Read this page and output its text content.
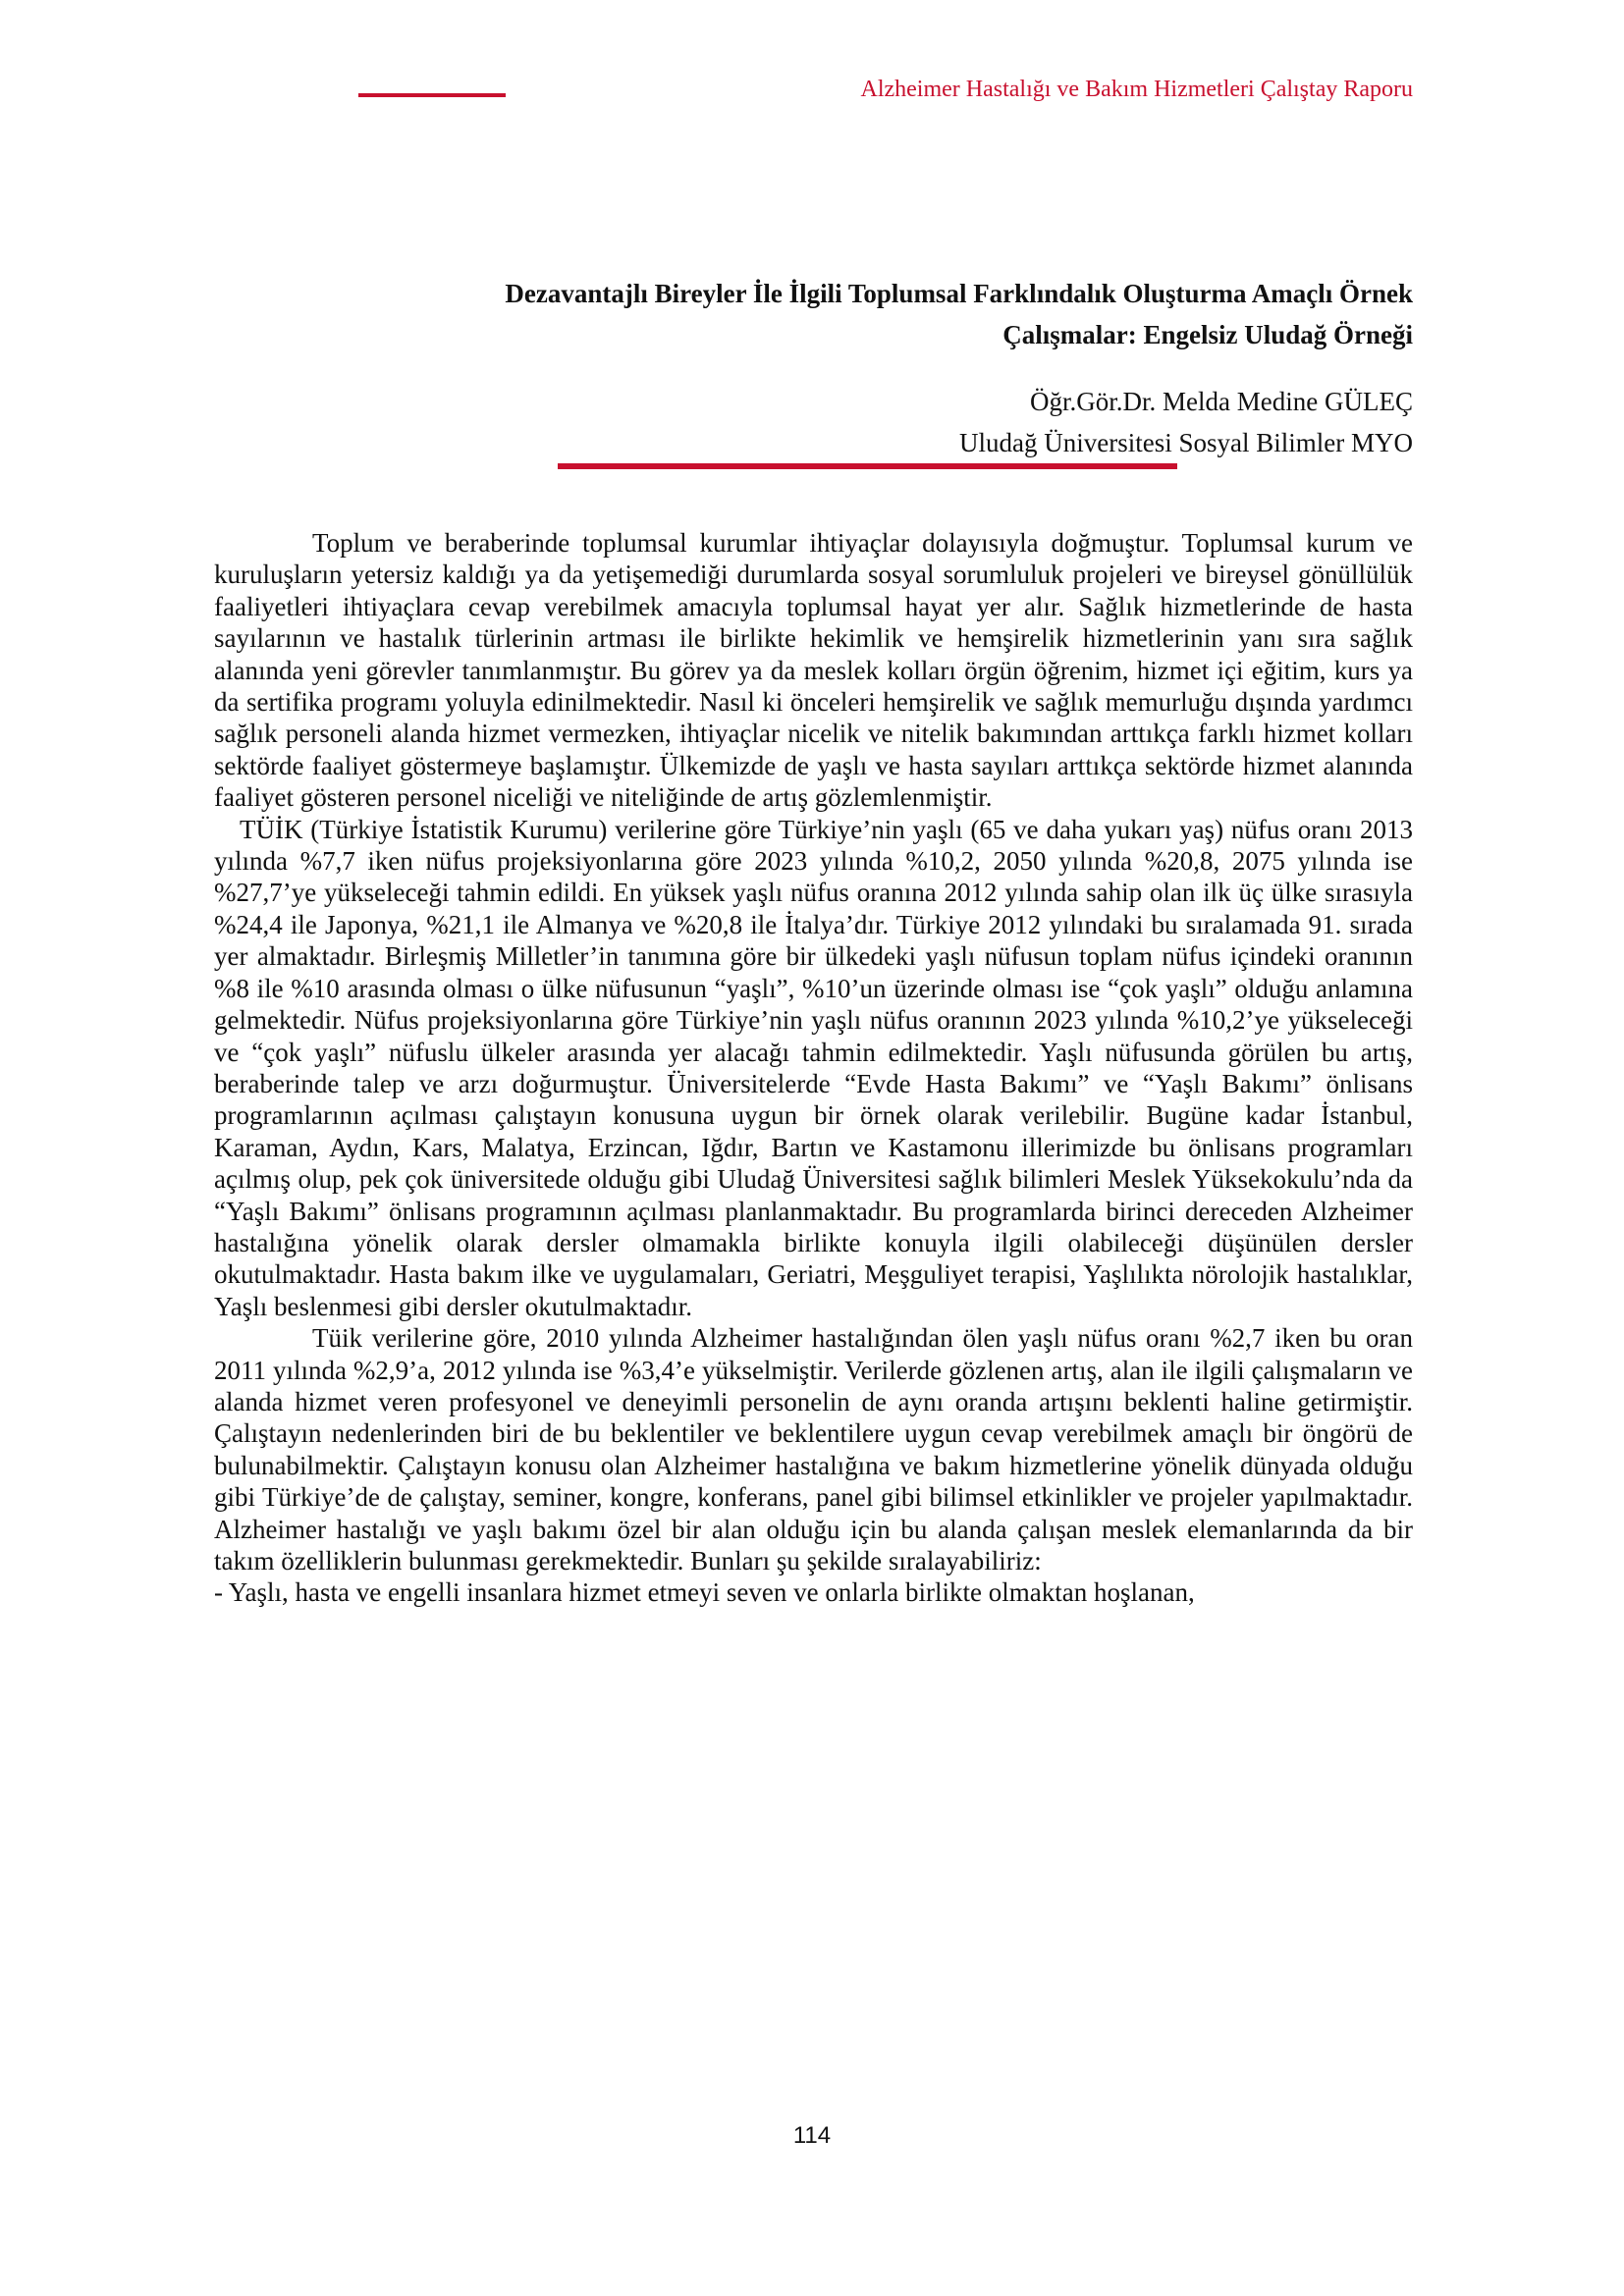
Alzheimer Hastalığı ve Bakım Hizmetleri Çalıştay Raporu
Dezavantajlı Bireyler İle İlgili Toplumsal Farklındalık Oluşturma Amaçlı Örnek
Çalışmalar: Engelsiz Uludağ Örneği
Öğr.Gör.Dr. Melda Medine GÜLEÇ
Uludağ Üniversitesi Sosyal Bilimler MYO

Toplum ve beraberinde toplumsal kurumlar ihtiyaçlar dolayısıyla doğmuştur. Toplumsal kurum ve kuruluşların yetersiz kaldığı ya da yetişemediği durumlarda sosyal sorumluluk projeleri ve bireysel gönüllülük faaliyetleri ihtiyaçlara cevap verebilmek amacıyla toplumsal hayat yer alır. Sağlık hizmetlerinde de hasta sayılarının ve hastalık türlerinin artması ile birlikte hekimlik ve hemşirelik hizmetlerinin yanı sıra sağlık alanında yeni görevler tanımlanmıştır. Bu görev ya da meslek kolları örgün öğrenim, hizmet içi eğitim, kurs ya da sertifika programı yoluyla edinilmektedir. Nasıl ki önceleri hemşirelik ve sağlık memurluğu dışında yardımcı sağlık personeli alanda hizmet vermezken, ihtiyaçlar nicelik ve nitelik bakımından arttıkça farklı hizmet kolları sektörde faaliyet göstermeye başlamıştır. Ülkemizde de yaşlı ve hasta sayıları arttıkça sektörde hizmet alanında faaliyet gösteren personel niceliği ve niteliğinde de artış gözlemlenmiştir.

TÜİK (Türkiye İstatistik Kurumu) verilerine göre Türkiye’nin yaşlı (65 ve daha yukarı yaş) nüfus oranı 2013 yılında %7,7 iken nüfus projeksiyonlarına göre 2023 yılında %10,2, 2050 yılında %20,8, 2075 yılında ise %27,7’ye yükseleceği tahmin edildi. En yüksek yaşlı nüfus oranına 2012 yılında sahip olan ilk üç ülke sırasıyla %24,4 ile Japonya, %21,1 ile Almanya ve %20,8 ile İtalya’dır. Türkiye 2012 yılındaki bu sıralamada 91. sırada yer almaktadır. Birleşmiş Milletler’in tanımına göre bir ülkedeki yaşlı nüfusun toplam nüfus içindeki oranının %8 ile %10 arasında olması o ülke nüfusunun “yaşlı”, %10’un üzerinde olması ise “çok yaşlı” olduğu anlamına gelmektedir. Nüfus projeksiyonlarına göre Türkiye’nin yaşlı nüfus oranının 2023 yılında %10,2’ye yükseleceği ve “çok yaşlı” nüfuslu ülkeler arasında yer alacağı tahmin edilmektedir. Yaşlı nüfusunda görülen bu artış, beraberinde talep ve arzı doğurmuştur. Üniversitelerde “Evde Hasta Bakımı” ve “Yaşlı Bakımı” önlisans programlarının açılması çalıştayın konusuna uygun bir örnek olarak verilebilir. Bugüne kadar İstanbul, Karaman, Aydın, Kars, Malatya, Erzincan, Iğdır, Bartın ve Kastamonu illerimizde bu önlisans programları açılmış olup, pek çok üniversitede olduğu gibi Uludağ Üniversitesi sağlık bilimleri Meslek Yüksekokulu’nda da “Yaşlı Bakımı” önlisans programının açılması planlanmaktadır. Bu programlarda birinci dereceden Alzheimer hastalığına yönelik olarak dersler olmamakla birlikte konuyla ilgili olabileceği düşünülen dersler okutulmaktadır. Hasta bakım ilke ve uygulamaları, Geriatri, Meşguliyet terapisi, Yaşlılıkta nörolojik hastalıklar, Yaşlı beslenmesi gibi dersler okutulmaktadır.

Tüik verilerine göre, 2010 yılında Alzheimer hastalığından ölen yaşlı nüfus oranı %2,7 iken bu oran 2011 yılında %2,9’a, 2012 yılında ise %3,4’e yükselmiştir. Verilerde gözlenen artış, alan ile ilgili çalışmaların ve alanda hizmet veren profesyonel ve deneyimli personelin de aynı oranda artışını beklenti haline getirmiştir. Çalıştayın nedenlerinden biri de bu beklentiler ve beklentilere uygun cevap verebilmek amaçlı bir öngörü de bulunabilmektir. Çalıştayın konusu olan Alzheimer hastalığına ve bakım hizmetlerine yönelik dünyada olduğu gibi Türkiye’de de çalıştay, seminer, kongre, konferans, panel gibi bilimsel etkinlikler ve projeler yapılmaktadır. Alzheimer hastalığı ve yaşlı bakımı özel bir alan olduğu için bu alanda çalışan meslek elemanlarında da bir takım özelliklerin bulunması gerekmektedir. Bunları şu şekilde sıralayabiliriz:

- Yaşlı, hasta ve engelli insanlara hizmet etmeyi seven ve onlarla birlikte olmaktan hoşlanan,

114
